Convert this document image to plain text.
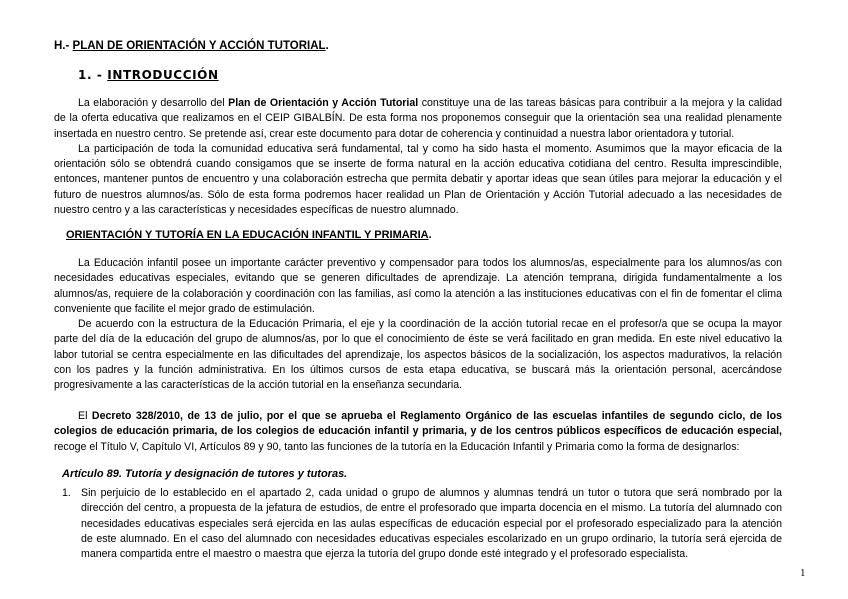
H.- PLAN DE ORIENTACIÓN Y ACCIÓN TUTORIAL.
1. - INTRODUCCIÓN

La elaboración y desarrollo del Plan de Orientación y Acción Tutorial constituye una de las tareas básicas para contribuir a la mejora y la calidad de la oferta educativa que realizamos en el CEIP GIBALBÍN. De esta forma nos proponemos conseguir que la orientación sea una realidad plenamente insertada en nuestro centro. Se pretende así, crear este documento para dotar de coherencia y continuidad a nuestra labor orientadora y tutorial.

La participación de toda la comunidad educativa será fundamental, tal y como ha sido hasta el momento. Asumimos que la mayor eficacia de la orientación sólo se obtendrá cuando consigamos que se inserte de forma natural en la acción educativa cotidiana del centro. Resulta imprescindible, entonces, mantener puntos de encuentro y una colaboración estrecha que permita debatir y aportar ideas que sean útiles para mejorar la educación y el futuro de nuestros alumnos/as. Sólo de esta forma podremos hacer realidad un Plan de Orientación y Acción Tutorial adecuado a las necesidades de nuestro centro y a las características y necesidades específicas de nuestro alumnado.

ORIENTACIÓN Y TUTORÍA EN LA EDUCACIÓN INFANTIL Y PRIMARIA.

La Educación infantil posee un importante carácter preventivo y compensador para todos los alumnos/as, especialmente para los alumnos/as con necesidades educativas especiales, evitando que se generen dificultades de aprendizaje. La atención temprana, dirigida fundamentalmente a los alumnos/as, requiere de la colaboración y coordinación con las familias, así como la atención a las instituciones educativas con el fin de fomentar el clima conveniente que facilite el mejor grado de estimulación.

De acuerdo con la estructura de la Educación Primaria, el eje y la coordinación de la acción tutorial recae en el profesor/a que se ocupa la mayor parte del día de la educación del grupo de alumnos/as, por lo que el conocimiento de éste se verá facilitado en gran medida. En este nivel educativo la labor tutorial se centra especialmente en las dificultades del aprendizaje, los aspectos básicos de la socialización, los aspectos madurativos, la relación con los padres y la función administrativa. En los últimos cursos de esta etapa educativa, se buscará más la orientación personal, acercándose progresivamente a las características de la acción tutorial en la enseñanza secundaria.

El Decreto 328/2010, de 13 de julio, por el que se aprueba el Reglamento Orgánico de las escuelas infantiles de segundo ciclo, de los colegios de educación primaria, de los colegios de educación infantil y primaria, y de los centros públicos específicos de educación especial, recoge el Título V, Capítulo VI, Artículos 89 y 90, tanto las funciones de la tutoría en la Educación Infantil y Primaria como la forma de designarlos:

Artículo 89. Tutoría y designación de tutores y tutoras.
1. Sin perjuicio de lo establecido en el apartado 2, cada unidad o grupo de alumnos y alumnas tendrá un tutor o tutora que será nombrado por la dirección del centro, a propuesta de la jefatura de estudios, de entre el profesorado que imparta docencia en el mismo. La tutoría del alumnado con necesidades educativas especiales será ejercida en las aulas específicas de educación especial por el profesorado especializado para la atención de este alumnado. En el caso del alumnado con necesidades educativas especiales escolarizado en un grupo ordinario, la tutoría será ejercida de manera compartida entre el maestro o maestra que ejerza la tutoría del grupo donde esté integrado y el profesorado especialista.
1
